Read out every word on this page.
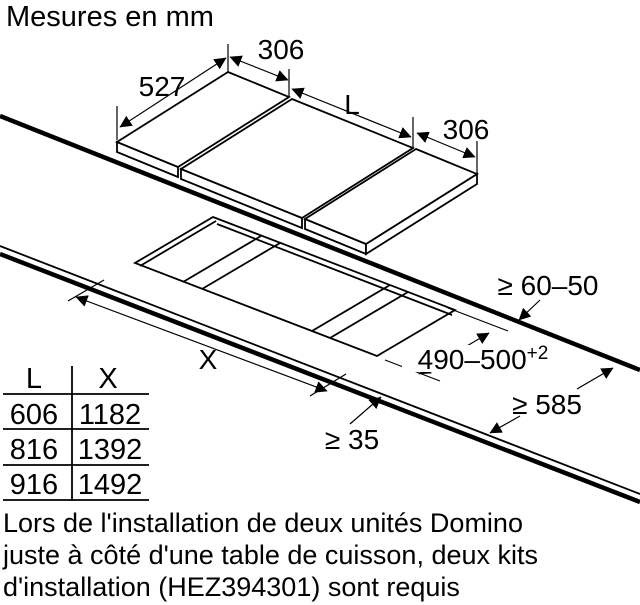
Mesures en mm
527
306
L
306
X	$490-500^{+2}$
≥ 60–50
≥ 35
≥ 585
L X
606 1182
816 1392
916 1492
Lors de l'installation de deux unités Domino
juste à côté d'une table de cuisson, deux kits
d'installation (HEZ394301) sont requis
